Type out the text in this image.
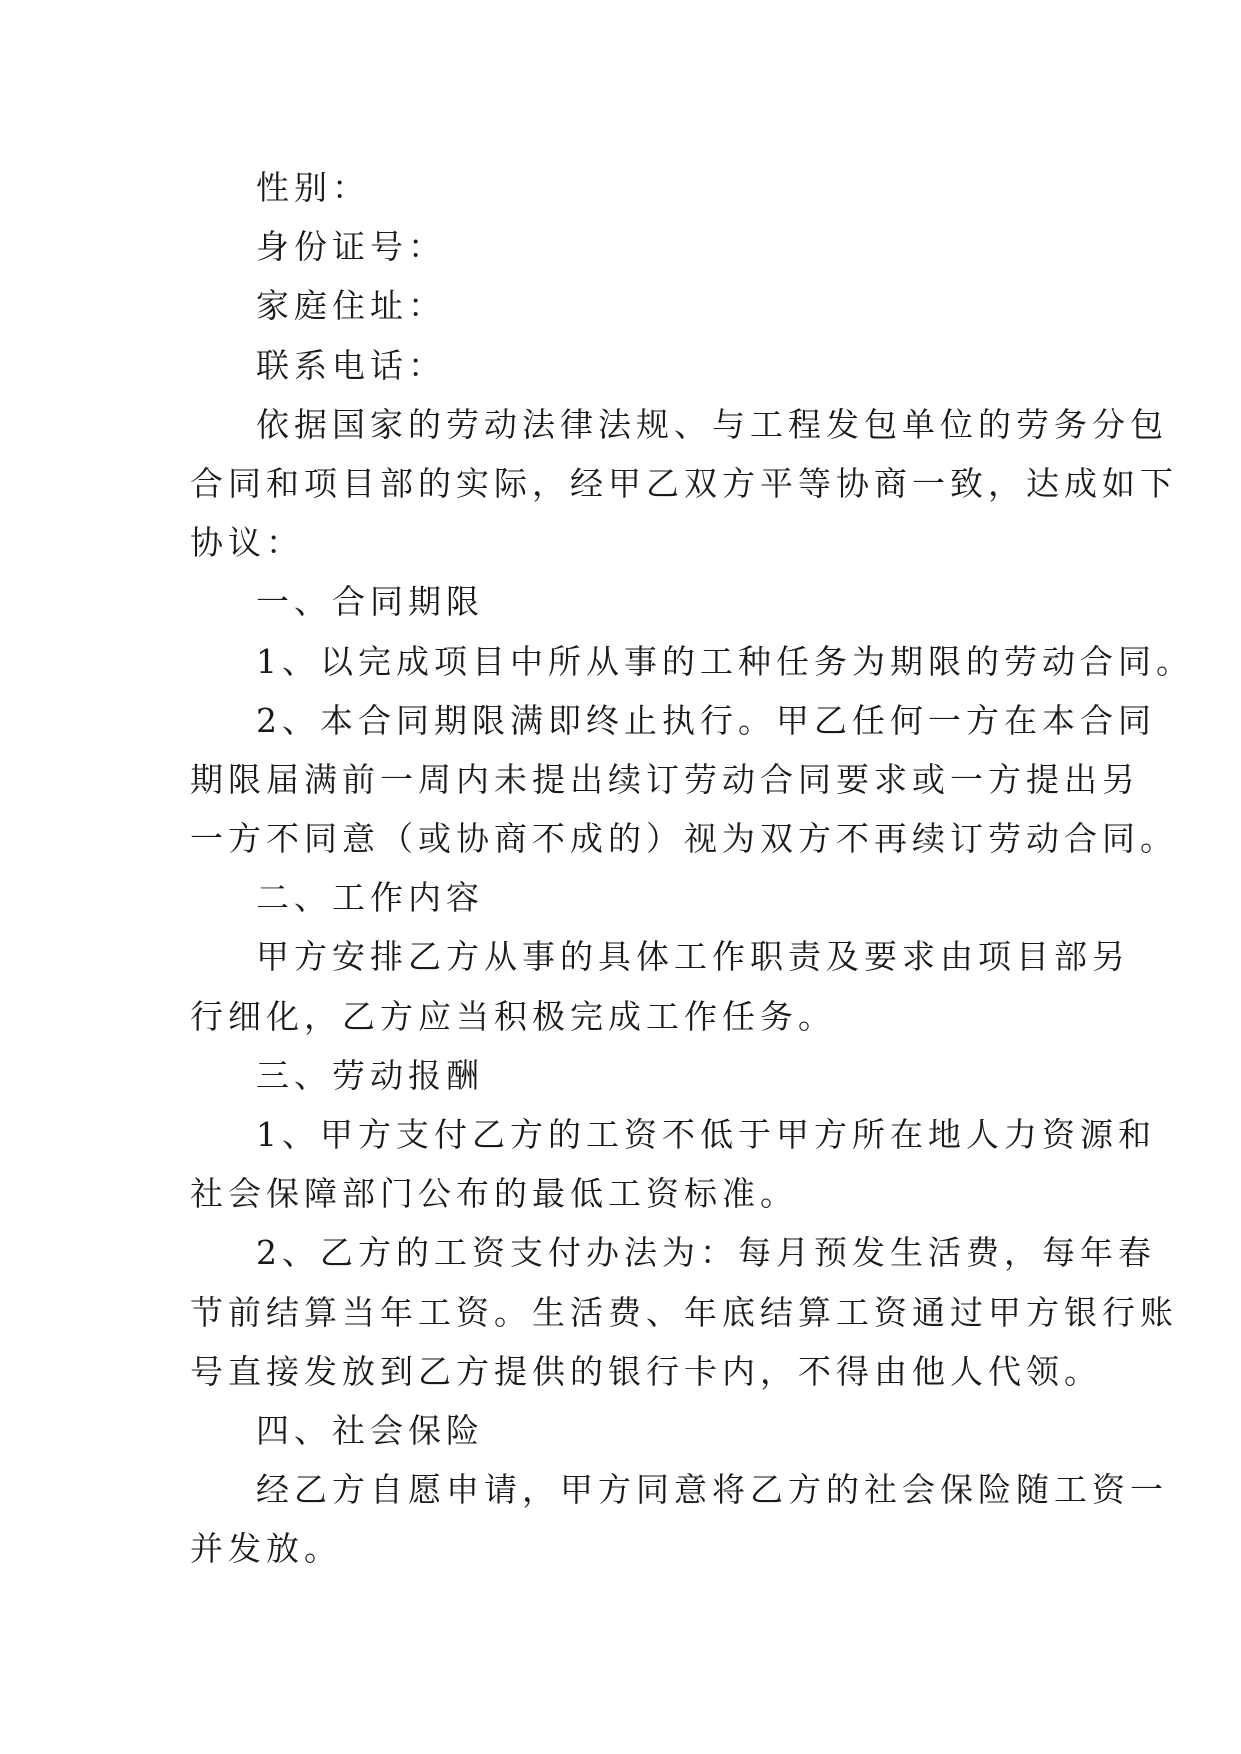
性别：
身份证号：
家庭住址：
联系电话：
依据国家的劳动法律法规、与工程发包单位的劳务分包
合同和项目部的实际，经甲乙双方平等协商一致，达成如下
协议：
一、合同期限
1、以完成项目中所从事的工种任务为期限的劳动合同。
2、本合同期限满即终止执行。甲乙任何一方在本合同
期限届满前一周内未提出续订劳动合同要求或一方提出另
一方不同意（或协商不成的）视为双方不再续订劳动合同。
二、工作内容
甲方安排乙方从事的具体工作职责及要求由项目部另
行细化，乙方应当积极完成工作任务。
三、劳动报酬
1、甲方支付乙方的工资不低于甲方所在地人力资源和
社会保障部门公布的最低工资标准。
2、乙方的工资支付办法为：每月预发生活费，每年春
节前结算当年工资。生活费、年底结算工资通过甲方银行账
号直接发放到乙方提供的银行卡内，不得由他人代领。
四、社会保险
经乙方自愿申请，甲方同意将乙方的社会保险随工资一
并发放。
